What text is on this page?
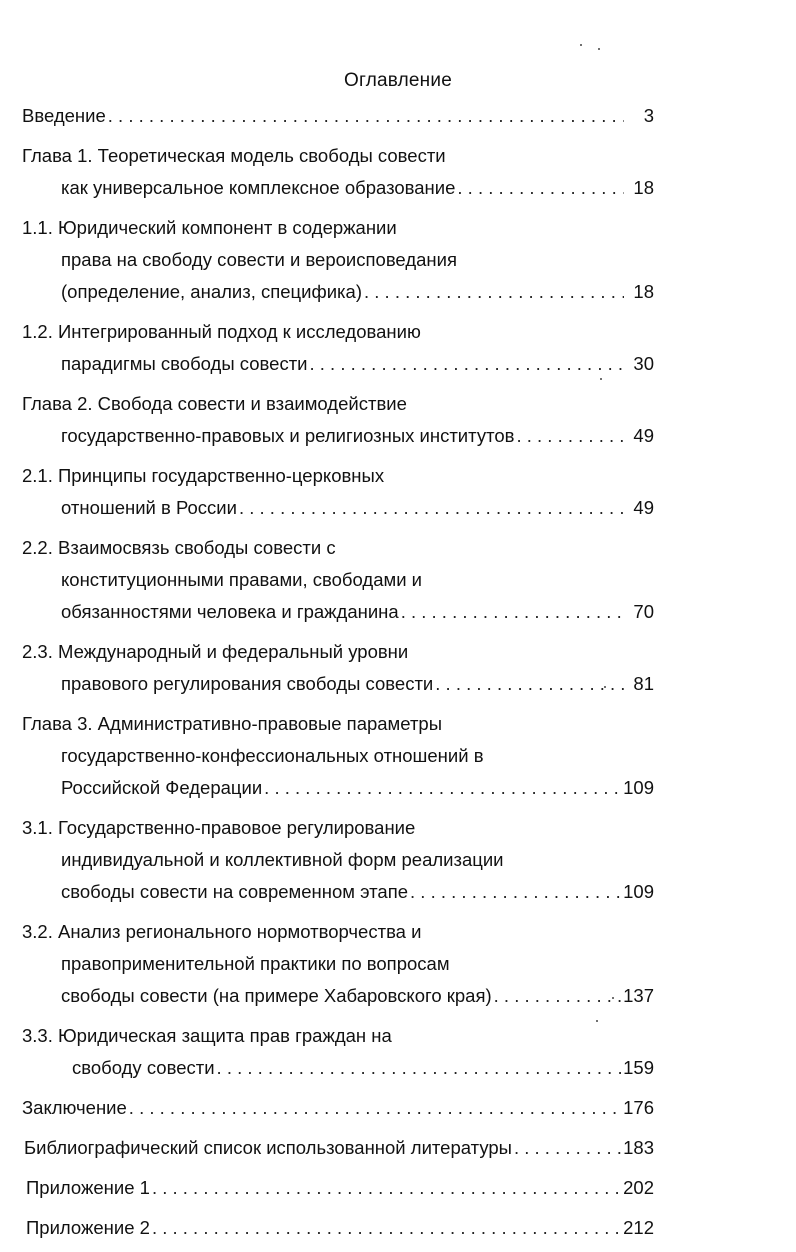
Оглавление
Введение . . .	3
Глава 1. Теоретическая модель свободы совести
как универсальное комплексное образование . . .	18
1.1. Юридический компонент в содержании
права на свободу совести и вероисповедания
(определение, анализ, специфика) . . .	18
1.2. Интегрированный подход к исследованию
парадигмы свободы совести . . .	30
Глава 2. Свобода совести и взаимодействие
государственно-правовых и религиозных институтов . . .	49
2.1. Принципы государственно-церковных
отношений в России . . .	49
2.2. Взаимосвязь свободы совести с
конституционными правами, свободами и
обязанностями человека и гражданина . . .	70
2.3. Международный и федеральный уровни
правового регулирования свободы совести . . .	81
Глава 3. Административно-правовые параметры
государственно-конфессиональных отношений в
Российской Федерации . . .	109
3.1. Государственно-правовое регулирование
индивидуальной и коллективной форм реализации
свободы совести на современном этапе . . .	109
3.2. Анализ регионального нормотворчества и
правоприменительной практики по вопросам
свободы совести (на примере Хабаровского края) . . .	137
3.3. Юридическая защита прав граждан на
свободу совести . . .	159
Заключение . . .	176
Библиографический список использованной литературы . . .	183
Приложение 1 . . .	202
Приложение 2 . . .	212
